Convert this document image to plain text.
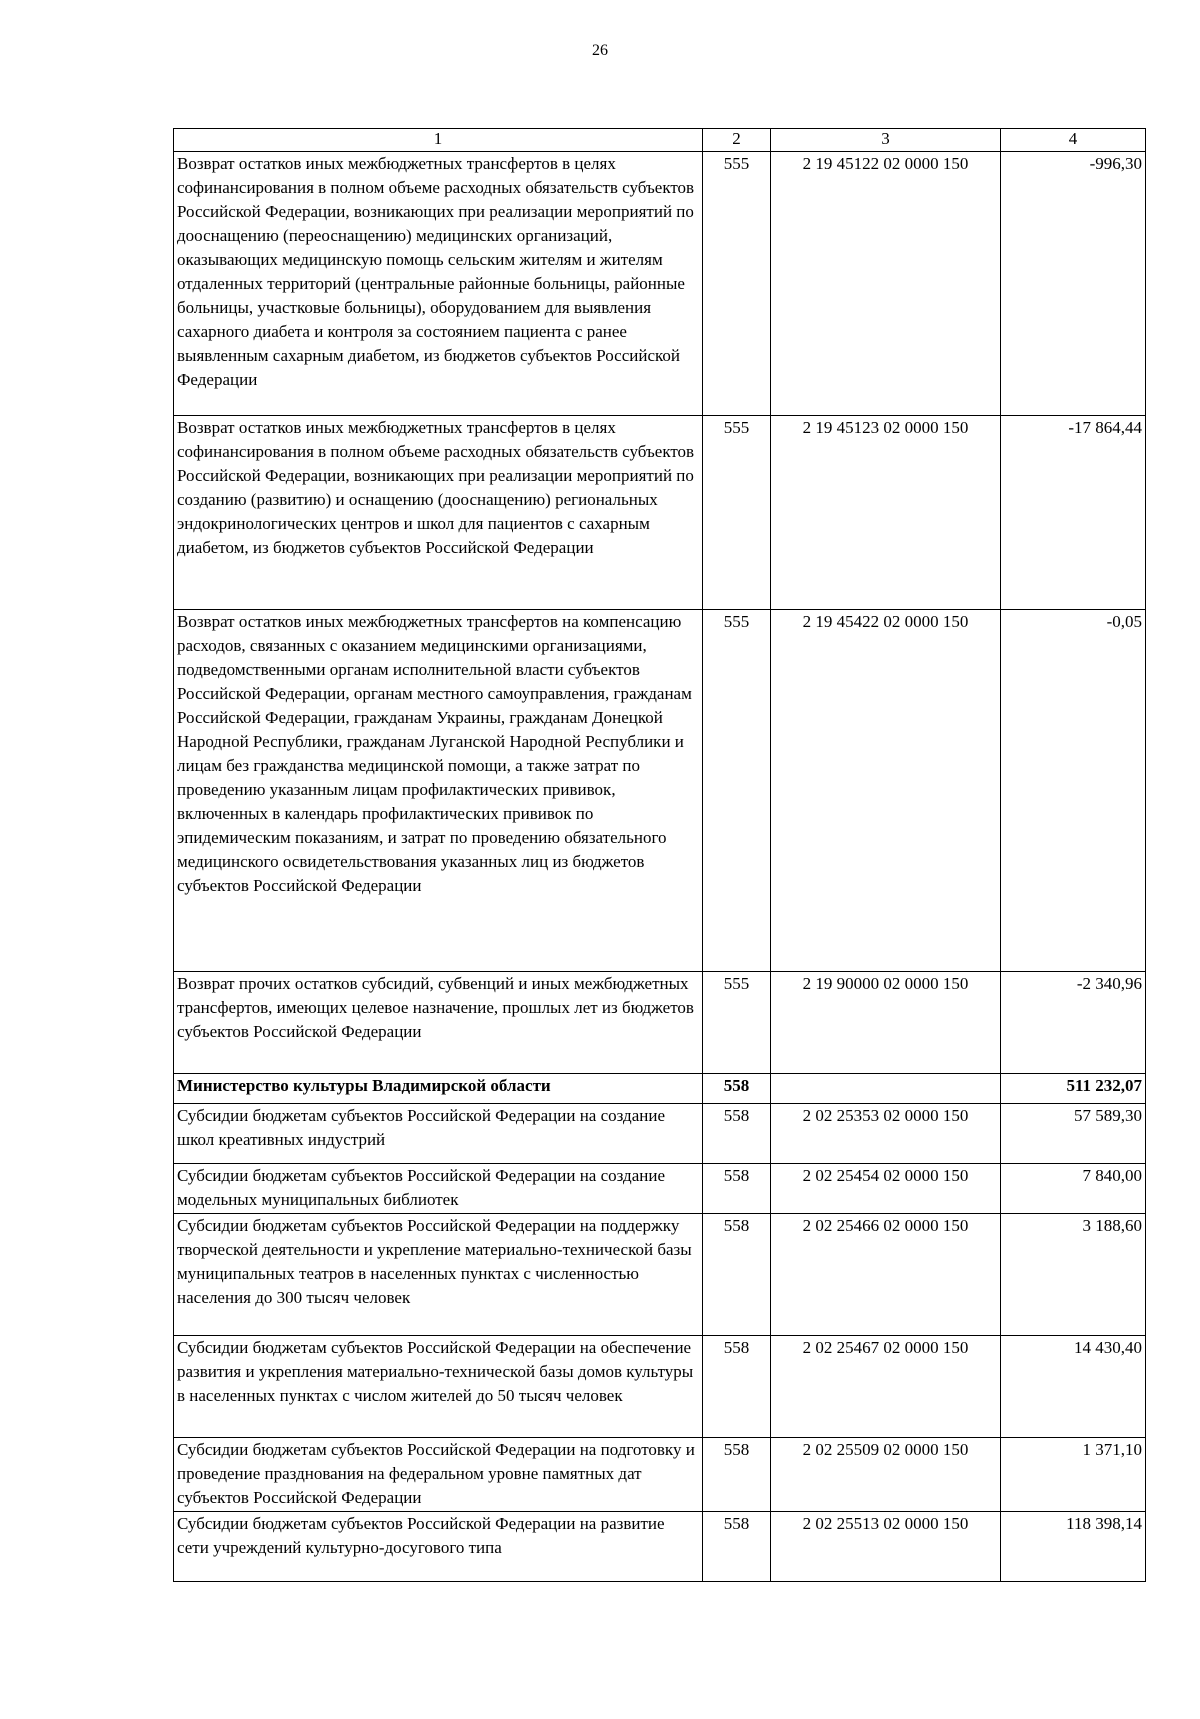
26
1	2	3	4
Возврат остатков иных межбюджетных трансфертов в целях софинансирования в полном объеме расходных обязательств субъектов Российской Федерации, возникающих при реализации мероприятий по дооснащению (переоснащению) медицинских организаций, оказывающих медицинскую помощь сельским жителям и жителям отдаленных территорий (центральные районные больницы, районные больницы, участковые больницы), оборудованием для выявления сахарного диабета и контроля за состоянием пациента с ранее выявленным сахарным диабетом, из бюджетов субъектов Российской Федерации	555	2 19 45122 02 0000 150	-996,30
Возврат остатков иных межбюджетных трансфертов в целях софинансирования в полном объеме расходных обязательств субъектов Российской Федерации, возникающих при реализации мероприятий по созданию (развитию) и оснащению (дооснащению) региональных эндокринологических центров и школ для пациентов с сахарным диабетом, из бюджетов субъектов Российской Федерации	555	2 19 45123 02 0000 150	-17 864,44
Возврат остатков иных межбюджетных трансфертов на компенсацию расходов, связанных с оказанием медицинскими организациями, подведомственными органам исполнительной власти субъектов Российской Федерации, органам местного самоуправления, гражданам Российской Федерации, гражданам Украины, гражданам Донецкой Народной Республики, гражданам Луганской Народной Республики и лицам без гражданства медицинской помощи, а также затрат по проведению указанным лицам профилактических прививок, включенных в календарь профилактических прививок по эпидемическим показаниям, и затрат по проведению обязательного медицинского освидетельствования указанных лиц из бюджетов субъектов Российской Федерации	555	2 19 45422 02 0000 150	-0,05
Возврат прочих остатков субсидий, субвенций и иных межбюджетных трансфертов, имеющих целевое назначение, прошлых лет из бюджетов субъектов Российской Федерации	555	2 19 90000 02 0000 150	-2 340,96
Министерство культуры Владимирской области	558		511 232,07
Субсидии бюджетам субъектов Российской Федерации на создание школ креативных индустрий	558	2 02 25353 02 0000 150	57 589,30
Субсидии бюджетам субъектов Российской Федерации на создание модельных муниципальных библиотек	558	2 02 25454 02 0000 150	7 840,00
Субсидии бюджетам субъектов Российской Федерации на поддержку творческой деятельности и укрепление материально-технической базы муниципальных театров в населенных пунктах с численностью населения до 300 тысяч человек	558	2 02 25466 02 0000 150	3 188,60
Субсидии бюджетам субъектов Российской Федерации на обеспечение развития и укрепления материально-технической базы домов культуры в населенных пунктах с числом жителей до 50 тысяч человек	558	2 02 25467 02 0000 150	14 430,40
Субсидии бюджетам субъектов Российской Федерации на подготовку и проведение празднования на федеральном уровне памятных дат субъектов Российской Федерации	558	2 02 25509 02 0000 150	1 371,10
Субсидии бюджетам субъектов Российской Федерации на развитие сети учреждений культурно-досугового типа	558	2 02 25513 02 0000 150	118 398,14
